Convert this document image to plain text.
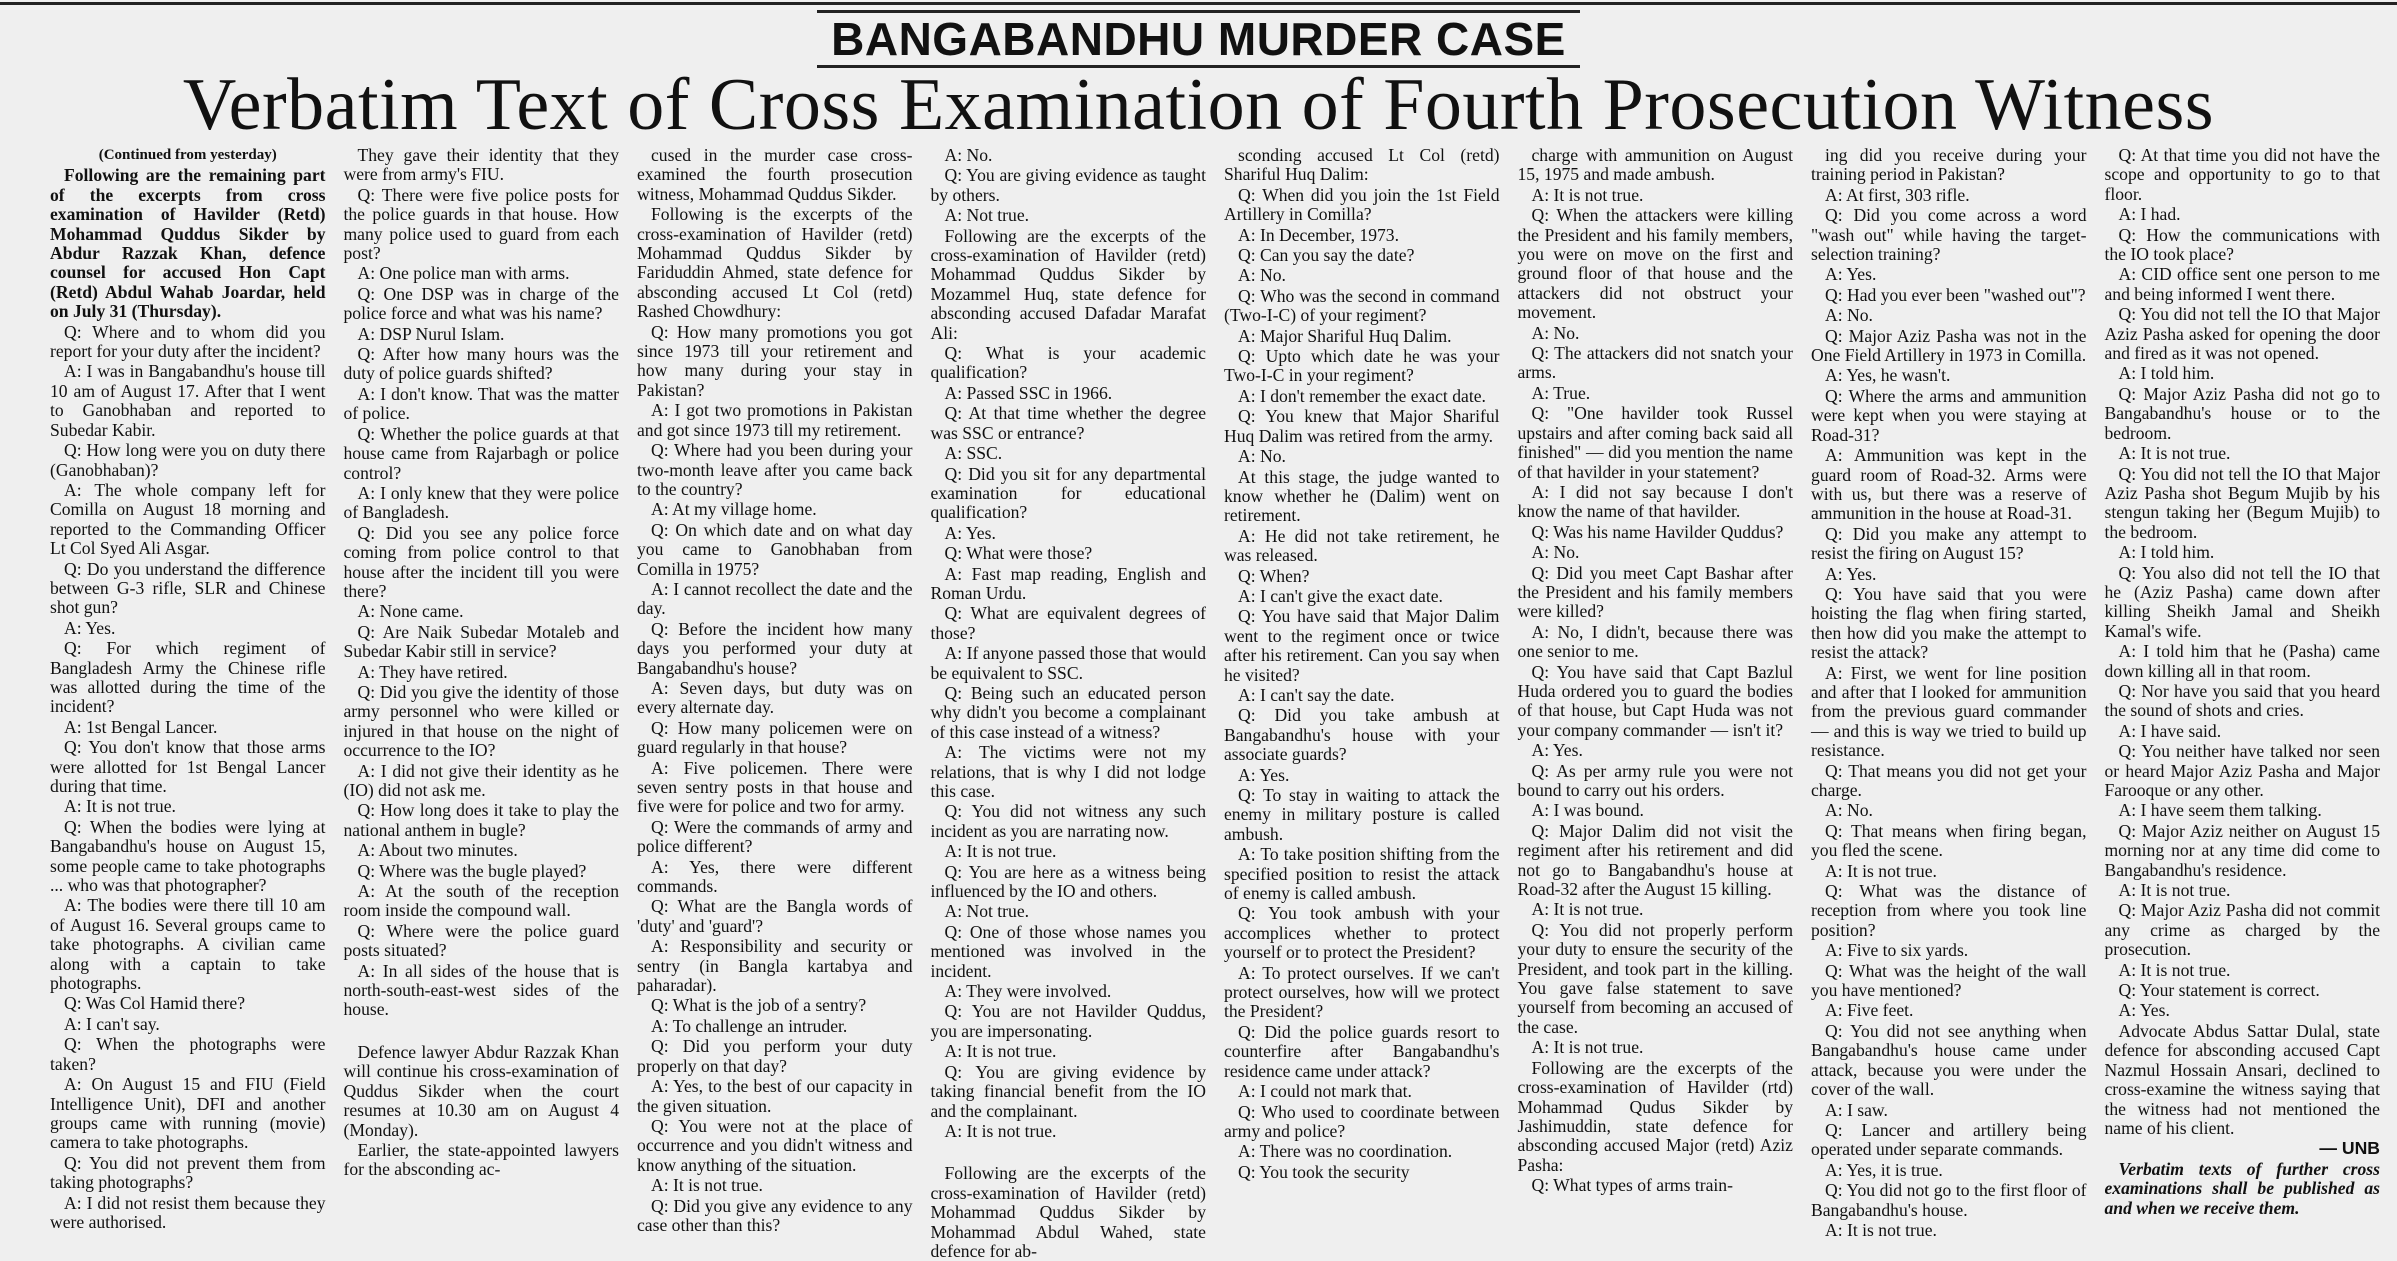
BANGABANDHU MURDER CASE
Verbatim Text of Cross Examination of Fourth Prosecution Witness

(Continued from yesterday)

Following are the remaining part of the excerpts from cross examination of Havilder (Retd) Mohammad Quddus Sikder by Abdur Razzak Khan, defence counsel for accused Hon Capt (Retd) Abdul Wahab Joardar, held on July 31 (Thursday).

Q: Where and to whom did you report for your duty after the incident?

A: I was in Bangabandhu's house till 10 am of August 17. After that I went to Ganobhaban and reported to Subedar Kabir.

Q: How long were you on duty there (Ganobhaban)?

A: The whole company left for Comilla on August 18 morning and reported to the Commanding Officer Lt Col Syed Ali Asgar.

Q: Do you understand the difference between G-3 rifle, SLR and Chinese shot gun?

A: Yes.

Q: For which regiment of Bangladesh Army the Chinese rifle was allotted during the time of the incident?

A: 1st Bengal Lancer.

Q: You don't know that those arms were allotted for 1st Bengal Lancer during that time.

A: It is not true.

Q: When the bodies were lying at Bangabandhu's house on August 15, some people came to take photographs ... who was that photographer?

A: The bodies were there till 10 am of August 16. Several groups came to take photographs. A civilian came along with a captain to take photographs.

Q: Was Col Hamid there?

A: I can't say.

Q: When the photographs were taken?

A: On August 15 and FIU (Field Intelligence Unit), DFI and another groups came with running (movie) camera to take photographs.

Q: You did not prevent them from taking photographs?

A: I did not resist them because they were authorised.

They gave their identity that they were from army's FIU.

Q: There were five police posts for the police guards in that house. How many police used to guard from each post?

A: One police man with arms.

Q: One DSP was in charge of the police force and what was his name?

A: DSP Nurul Islam.

Q: After how many hours was the duty of police guards shifted?

A: I don't know. That was the matter of police.

Q: Whether the police guards at that house came from Rajarbagh or police control?

A: I only knew that they were police of Bangladesh.

Q: Did you see any police force coming from police control to that house after the incident till you were there?

A: None came.

Q: Are Naik Subedar Motaleb and Subedar Kabir still in service?

A: They have retired.

Q: Did you give the identity of those army personnel who were killed or injured in that house on the night of occurrence to the IO?

A: I did not give their identity as he (IO) did not ask me.

Q: How long does it take to play the national anthem in bugle?

A: About two minutes.

Q: Where was the bugle played?

A: At the south of the reception room inside the compound wall.

Q: Where were the police guard posts situated?

A: In all sides of the house that is north-south-east-west sides of the house.

Defence lawyer Abdur Razzak Khan will continue his cross-examination of Quddus Sikder when the court resumes at 10.30 am on August 4 (Monday).

Earlier, the state-appointed lawyers for the absconding ac-

cused in the murder case cross-examined the fourth prosecution witness, Mohammad Quddus Sikder.

Following is the excerpts of the cross-examination of Havilder (retd) Mohammad Quddus Sikder by Fariduddin Ahmed, state defence for absconding accused Lt Col (retd) Rashed Chowdhury:

Q: How many promotions you got since 1973 till your retirement and how many during your stay in Pakistan?

A: I got two promotions in Pakistan and got since 1973 till my retirement.

Q: Where had you been during your two-month leave after you came back to the country?

A: At my village home.

Q: On which date and on what day you came to Ganobhaban from Comilla in 1975?

A: I cannot recollect the date and the day.

Q: Before the incident how many days you performed your duty at Bangabandhu's house?

A: Seven days, but duty was on every alternate day.

Q: How many policemen were on guard regularly in that house?

A: Five policemen. There were seven sentry posts in that house and five were for police and two for army.

Q: Were the commands of army and police different?

A: Yes, there were different commands.

Q: What are the Bangla words of 'duty' and 'guard'?

A: Responsibility and security or sentry (in Bangla kartabya and paharadar).

Q: What is the job of a sentry?

A: To challenge an intruder.

Q: Did you perform your duty properly on that day?

A: Yes, to the best of our capacity in the given situation.

Q: You were not at the place of occurrence and you didn't witness and know anything of the situation.

A: It is not true.

Q: Did you give any evidence to any case other than this?

A: No.

Q: You are giving evidence as taught by others.

A: Not true.

Following are the excerpts of the cross-examination of Havilder (retd) Mohammad Quddus Sikder by Mozammel Huq, state defence for absconding accused Dafadar Marafat Ali:

Q: What is your academic qualification?

A: Passed SSC in 1966.

Q: At that time whether the degree was SSC or entrance?

A: SSC.

Q: Did you sit for any departmental examination for educational qualification?

A: Yes.

Q: What were those?

A: Fast map reading, English and Roman Urdu.

Q: What are equivalent degrees of those?

A: If anyone passed those that would be equivalent to SSC.

Q: Being such an educated person why didn't you become a complainant of this case instead of a witness?

A: The victims were not my relations, that is why I did not lodge this case.

Q: You did not witness any such incident as you are narrating now.

A: It is not true.

Q: You are here as a witness being influenced by the IO and others.

A: Not true.

Q: One of those whose names you mentioned was involved in the incident.

A: They were involved.

Q: You are not Havilder Quddus, you are impersonating.

A: It is not true.

Q: You are giving evidence by taking financial benefit from the IO and the complainant.

A: It is not true.

Following are the excerpts of the cross-examination of Havilder (retd) Mohammad Quddus Sikder by Mohammad Abdul Wahed, state defence for ab-

sconding accused Lt Col (retd) Shariful Huq Dalim:

Q: When did you join the 1st Field Artillery in Comilla?

A: In December, 1973.

Q: Can you say the date?

A: No.

Q: Who was the second in command (Two-I-C) of your regiment?

A: Major Shariful Huq Dalim.

Q: Upto which date he was your Two-I-C in your regiment?

A: I don't remember the exact date.

Q: You knew that Major Shariful Huq Dalim was retired from the army.

A: No.

At this stage, the judge wanted to know whether he (Dalim) went on retirement.

A: He did not take retirement, he was released.

Q: When?

A: I can't give the exact date.

Q: You have said that Major Dalim went to the regiment once or twice after his retirement. Can you say when he visited?

A: I can't say the date.

Q: Did you take ambush at Bangabandhu's house with your associate guards?

A: Yes.

Q: To stay in waiting to attack the enemy in military posture is called ambush.

A: To take position shifting from the specified position to resist the attack of enemy is called ambush.

Q: You took ambush with your accomplices whether to protect yourself or to protect the President?

A: To protect ourselves. If we can't protect ourselves, how will we protect the President?

Q: Did the police guards resort to counterfire after Bangabandhu's residence came under attack?

A: I could not mark that.

Q: Who used to coordinate between army and police?

A: There was no coordination.

Q: You took the security

charge with ammunition on August 15, 1975 and made ambush.

A: It is not true.

Q: When the attackers were killing the President and his family members, you were on move on the first and ground floor of that house and the attackers did not obstruct your movement.

A: No.

Q: The attackers did not snatch your arms.

A: True.

Q: "One havilder took Russel upstairs and after coming back said all finished" — did you mention the name of that havilder in your statement?

A: I did not say because I don't know the name of that havilder.

Q: Was his name Havilder Quddus?

A: No.

Q: Did you meet Capt Bashar after the President and his family members were killed?

A: No, I didn't, because there was one senior to me.

Q: You have said that Capt Bazlul Huda ordered you to guard the bodies of that house, but Capt Huda was not your company commander — isn't it?

A: Yes.

Q: As per army rule you were not bound to carry out his orders.

A: I was bound.

Q: Major Dalim did not visit the regiment after his retirement and did not go to Bangabandhu's house at Road-32 after the August 15 killing.

A: It is not true.

Q: You did not properly perform your duty to ensure the security of the President, and took part in the killing. You gave false statement to save yourself from becoming an accused of the case.

A: It is not true.

Following are the excerpts of the cross-examination of Havilder (rtd) Mohammad Qudus Sikder by Jashimuddin, state defence for absconding accused Major (retd) Aziz Pasha:

Q: What types of arms train-

ing did you receive during your training period in Pakistan?

A: At first, 303 rifle.

Q: Did you come across a word "wash out" while having the target-selection training?

A: Yes.

Q: Had you ever been "washed out"?

A: No.

Q: Major Aziz Pasha was not in the One Field Artillery in 1973 in Comilla.

A: Yes, he wasn't.

Q: Where the arms and ammunition were kept when you were staying at Road-31?

A: Ammunition was kept in the guard room of Road-32. Arms were with us, but there was a reserve of ammunition in the house at Road-31.

Q: Did you make any attempt to resist the firing on August 15?

A: Yes.

Q: You have said that you were hoisting the flag when firing started, then how did you make the attempt to resist the attack?

A: First, we went for line position and after that I looked for ammunition from the previous guard commander — and this is way we tried to build up resistance.

Q: That means you did not get your charge.

A: No.

Q: That means when firing began, you fled the scene.

A: It is not true.

Q: What was the distance of reception from where you took line position?

A: Five to six yards.

Q: What was the height of the wall you have mentioned?

A: Five feet.

Q: You did not see anything when Bangabandhu's house came under attack, because you were under the cover of the wall.

A: I saw.

Q: Lancer and artillery being operated under separate commands.

A: Yes, it is true.

Q: You did not go to the first floor of Bangabandhu's house.

A: It is not true.

Q: At that time you did not have the scope and opportunity to go to that floor.

A: I had.

Q: How the communications with the IO took place?

A: CID office sent one person to me and being informed I went there.

Q: You did not tell the IO that Major Aziz Pasha asked for opening the door and fired as it was not opened.

A: I told him.

Q: Major Aziz Pasha did not go to Bangabandhu's house or to the bedroom.

A: It is not true.

Q: You did not tell the IO that Major Aziz Pasha shot Begum Mujib by his stengun taking her (Begum Mujib) to the bedroom.

A: I told him.

Q: You also did not tell the IO that he (Aziz Pasha) came down after killing Sheikh Jamal and Sheikh Kamal's wife.

A: I told him that he (Pasha) came down killing all in that room.

Q: Nor have you said that you heard the sound of shots and cries.

A: I have said.

Q: You neither have talked nor seen or heard Major Aziz Pasha and Major Farooque or any other.

A: I have seem them talking.

Q: Major Aziz neither on August 15 morning nor at any time did come to Bangabandhu's residence.

A: It is not true.

Q: Major Aziz Pasha did not commit any crime as charged by the prosecution.

A: It is not true.

Q: Your statement is correct.

A: Yes.

Advocate Abdus Sattar Dulal, state defence for absconding accused Capt Nazmul Hossain Ansari, declined to cross-examine the witness saying that the witness had not mentioned the name of his client.

— UNB

Verbatim texts of further cross examinations shall be published as and when we receive them.
